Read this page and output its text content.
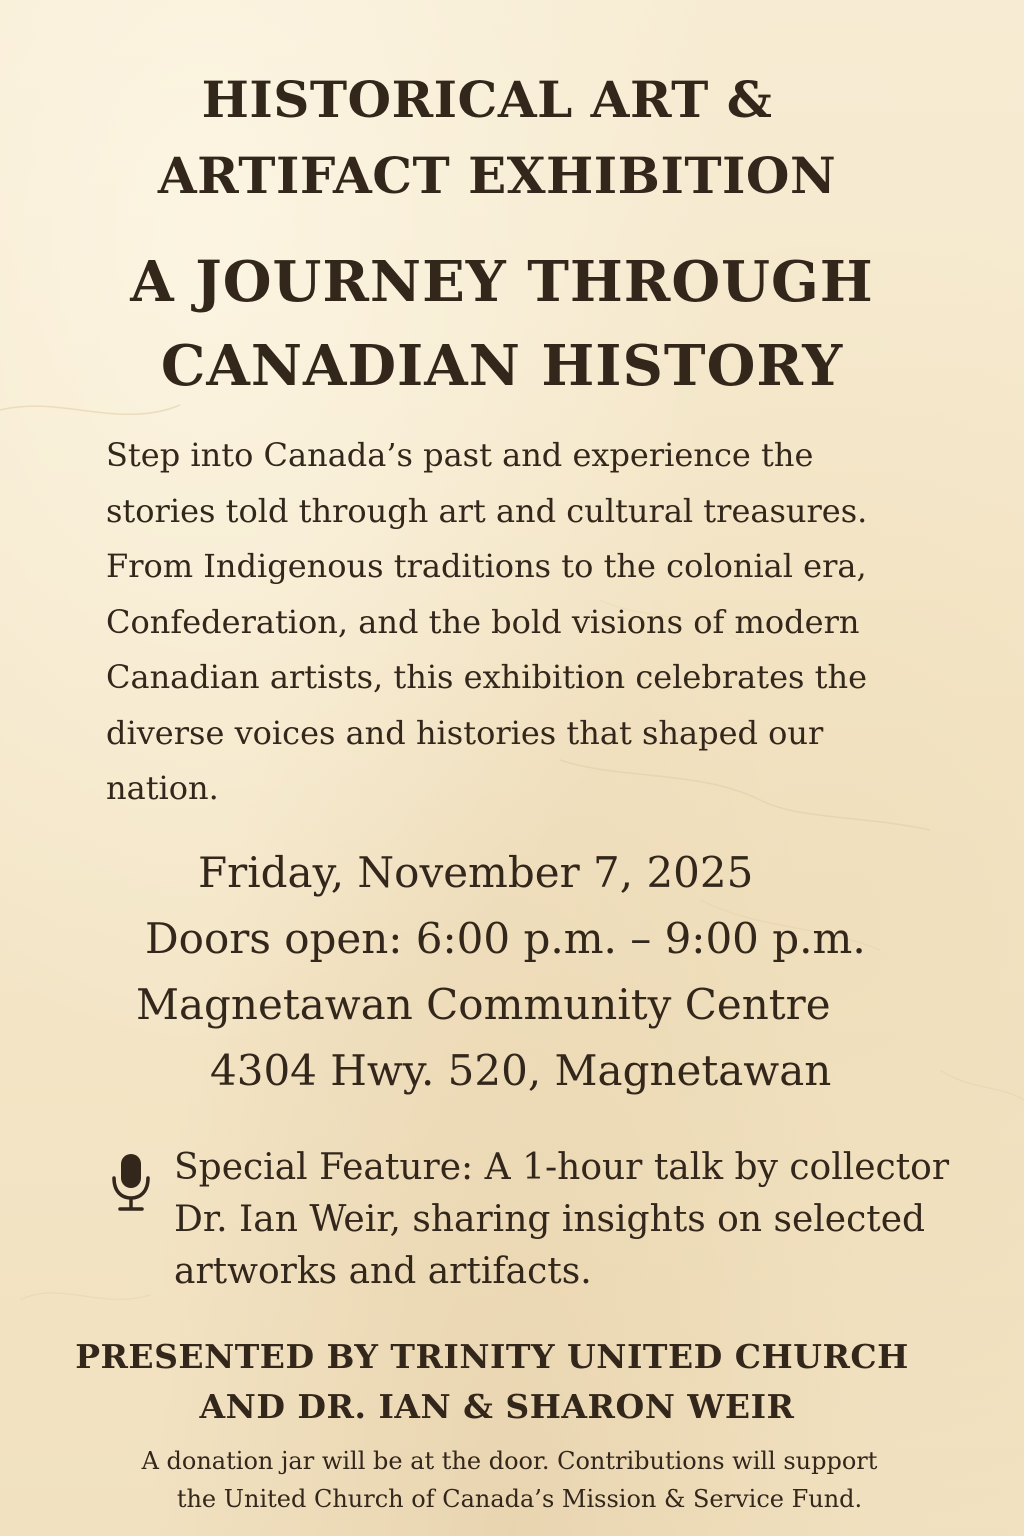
HISTORICAL ART &
ARTIFACT EXHIBITION
A JOURNEY THROUGH
CANADIAN HISTORY
Step into Canada’s past and experience the
stories told through art and cultural treasures.
From Indigenous traditions to the colonial era,
Confederation, and the bold visions of modern
Canadian artists, this exhibition celebrates the
diverse voices and histories that shaped our
nation.
Friday, November 7, 2025
Doors open: 6:00 p.m. – 9:00 p.m.
Magnetawan Community Centre
4304 Hwy. 520, Magnetawan
Special Feature: A 1-hour talk by collector
Dr. Ian Weir, sharing insights on selected
artworks and artifacts.
PRESENTED BY TRINITY UNITED CHURCH
AND DR. IAN & SHARON WEIR
A donation jar will be at the door. Contributions will support
the United Church of Canada’s Mission & Service Fund.
